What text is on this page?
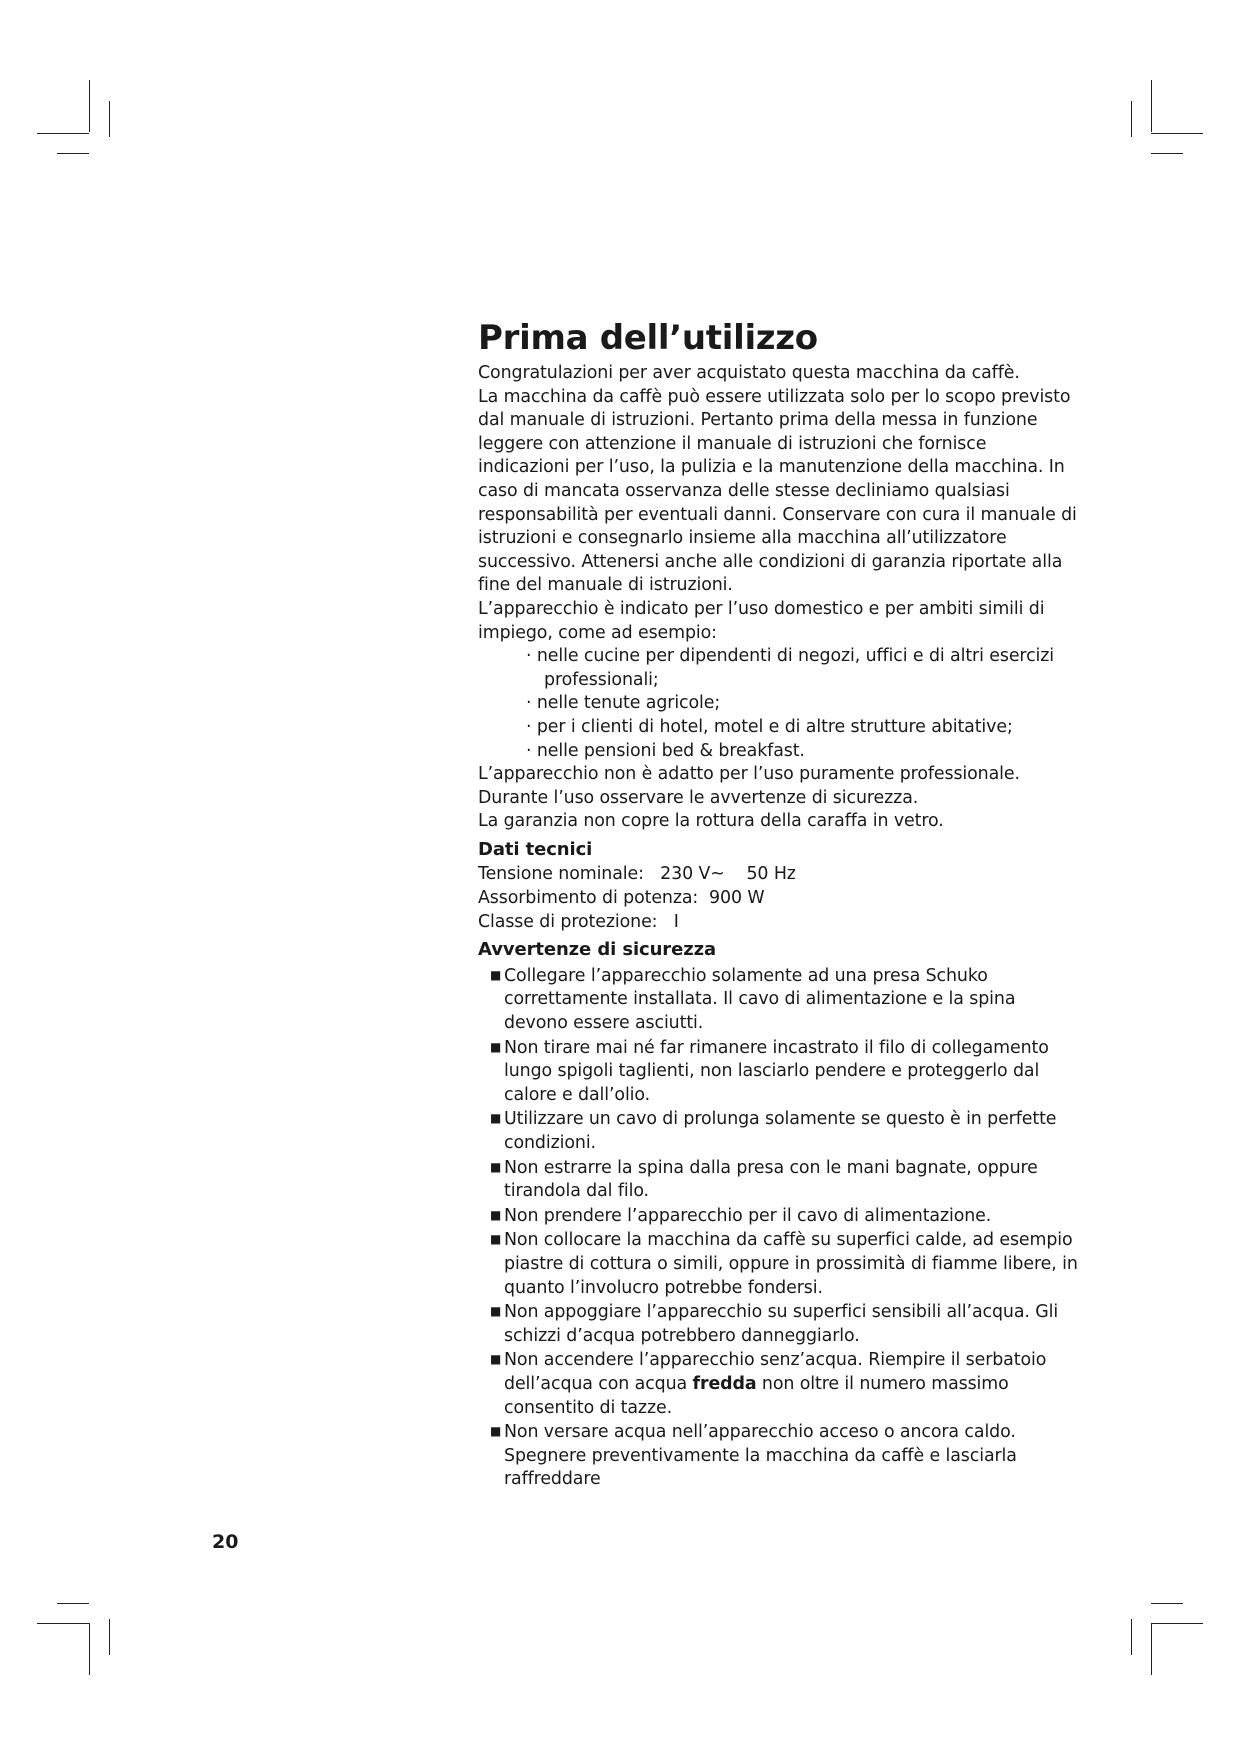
Prima dell’utilizzo

Congratulazioni per aver acquistato questa macchina da caffè.

La macchina da caffè può essere utilizzata solo per lo scopo previsto dal manuale di istruzioni. Pertanto prima della messa in funzione leggere con attenzione il manuale di istruzioni che fornisce indicazioni per l’uso, la pulizia e la manutenzione della macchina. In caso di mancata osservanza delle stesse decliniamo qualsiasi responsabilità per eventuali danni. Conservare con cura il manuale di istruzioni e consegnarlo insieme alla macchina all’utilizzatore successivo. Attenersi anche alle condizioni di garanzia riportate alla fine del manuale di istruzioni.

L’apparecchio è indicato per l’uso domestico e per ambiti simili di impiego, come ad esempio:

· nelle cucine per dipendenti di negozi, uffici e di altri esercizi professionali;
· nelle tenute agricole;
· per i clienti di hotel, motel e di altre strutture abitative;
· nelle pensioni bed & breakfast.

L’apparecchio non è adatto per l’uso puramente professionale.

Durante l’uso osservare le avvertenze di sicurezza.

La garanzia non copre la rottura della caraffa in vetro.

Dati tecnici

Tensione nominale:   230 V~    50 Hz

Assorbimento di potenza:  900 W

Classe di protezione:   I

Avvertenze di sicurezza
■ Collegare l’apparecchio solamente ad una presa Schuko correttamente installata. Il cavo di alimentazione e la spina devono essere asciutti.
■ Non tirare mai né far rimanere incastrato il filo di collegamento lungo spigoli taglienti, non lasciarlo pendere e proteggerlo dal calore e dall’olio.
■ Utilizzare un cavo di prolunga solamente se questo è in perfette condizioni.
■ Non estrarre la spina dalla presa con le mani bagnate, oppure tirandola dal filo.
■ Non prendere l’apparecchio per il cavo di alimentazione.
■ Non collocare la macchina da caffè su superfici calde, ad esempio piastre di cottura o simili, oppure in prossimità di fiamme libere, in quanto l’involucro potrebbe fondersi.
■ Non appoggiare l’apparecchio su superfici sensibili all’acqua. Gli schizzi d’acqua potrebbero danneggiarlo.
■ Non accendere l’apparecchio senz’acqua. Riempire il serbatoio dell’acqua con acqua fredda non oltre il numero massimo consentito di tazze.
■ Non versare acqua nell’apparecchio acceso o ancora caldo. Spegnere preventivamente la macchina da caffè e lasciarla raffreddare
20
